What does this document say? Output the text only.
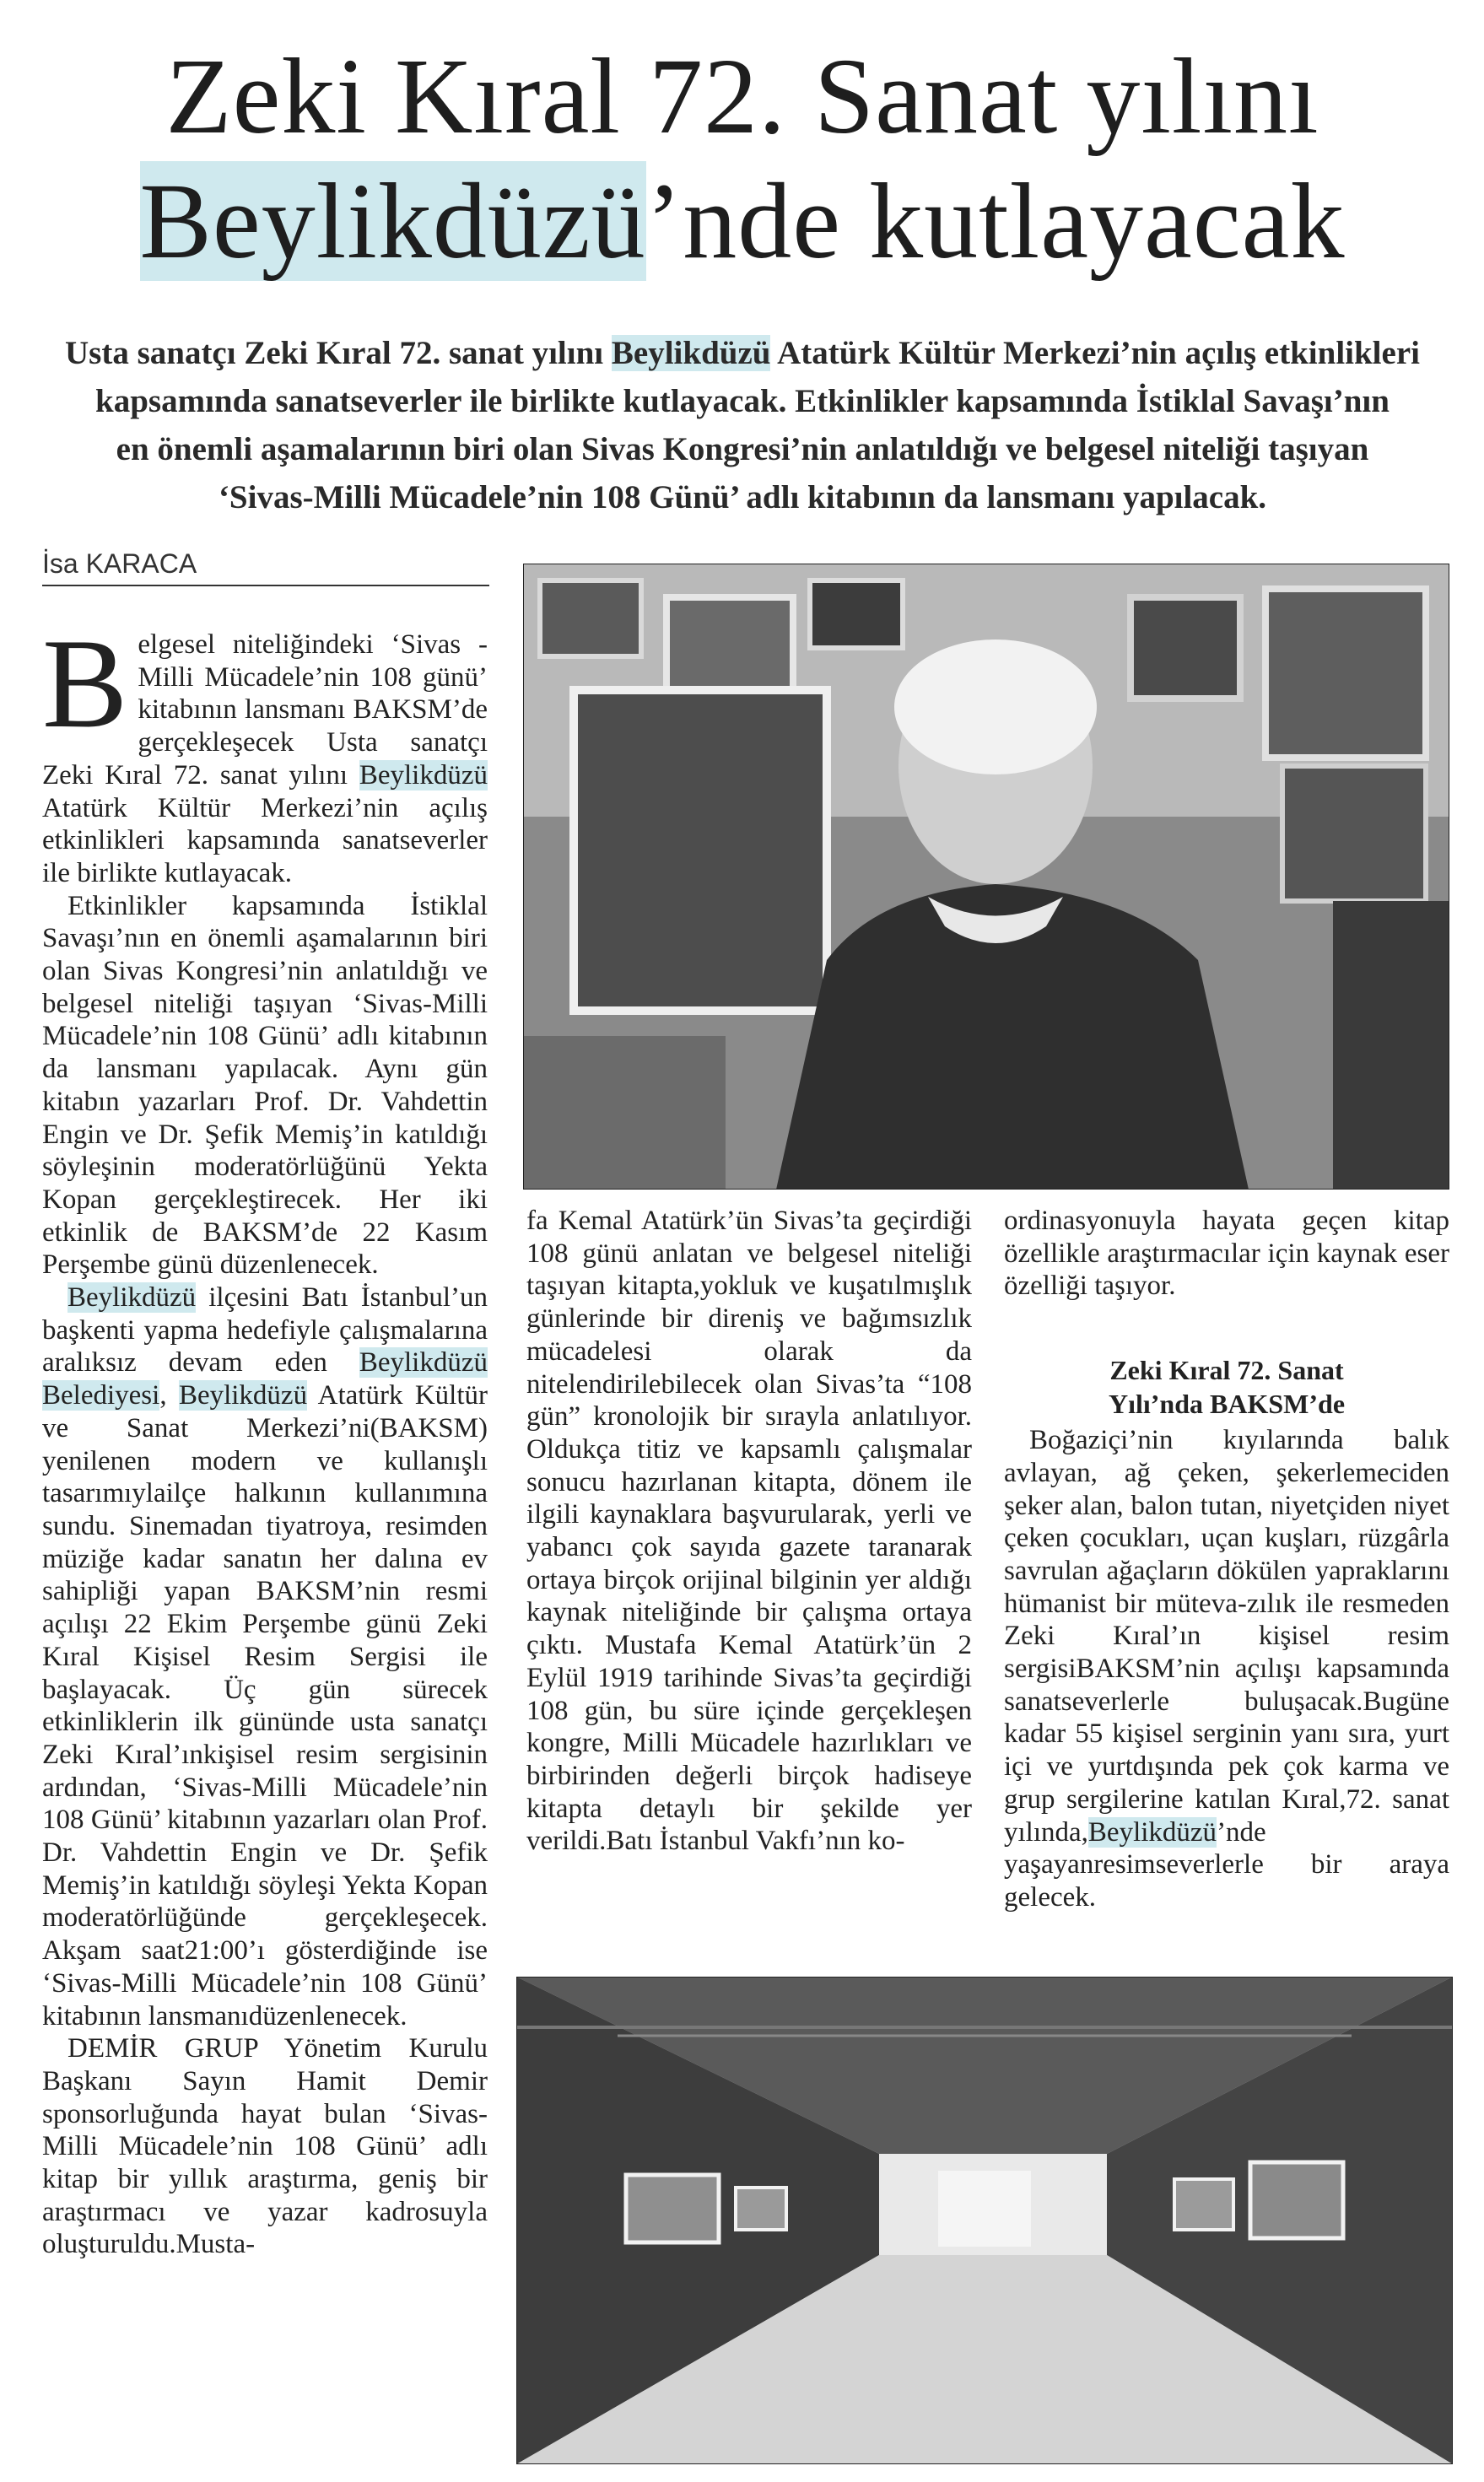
Zeki Kıral 72. Sanat yılını
Beylikdüzü’nde kutlayacak
Usta sanatçı Zeki Kıral 72. sanat yılını Beylikdüzü Atatürk Kültür Merkezi’nin açılış etkinlikleri
kapsamında sanatseverler ile birlikte kutlayacak. Etkinlikler kapsamında İstiklal Savaşı’nın
en önemli aşamalarının biri olan Sivas Kongresi’nin anlatıldığı ve belgesel niteliği taşıyan
‘Sivas-Milli Mücadele’nin 108 Günü’ adlı kitabının da lansmanı yapılacak.
İsa KARACA

Belgesel niteliğindeki ‘Sivas - Milli Mücadele’nin 108 günü’ kitabının lansmanı BAKSM’de gerçekleşecek Usta sanatçı Zeki Kıral 72. sanat yılını Beylikdüzü Atatürk Kültür Merkezi’nin açılış etkinlikleri kapsamında sanatseverler ile birlikte kutlayacak.

Etkinlikler kapsamında İstiklal Savaşı’nın en önemli aşamalarının biri olan Sivas Kongresi’nin anlatıldığı ve belgesel niteliği taşıyan ‘Sivas-Milli Mücadele’nin 108 Günü’ adlı kitabının da lansmanı yapılacak. Aynı gün kitabın yazarları Prof. Dr. Vahdettin Engin ve Dr. Şefik Memiş’in katıldığı söyleşinin moderatörlüğünü Yekta Kopan gerçekleştirecek. Her iki etkinlik de BAKSM’de 22 Kasım Perşembe günü düzenlenecek.

Beylikdüzü ilçesini Batı İstanbul’un başkenti yapma hedefiyle çalışmalarına aralıksız devam eden Beylikdüzü Belediyesi, Beylikdüzü Atatürk Kültür ve Sanat Merkezi’ni(BAKSM) yenilenen modern ve kullanışlı tasarımıylailçe halkının kullanımına sundu. Sinemadan tiyatroya, resimden müziğe kadar sanatın her dalına ev sahipliği yapan BAKSM’nin resmi açılışı 22 Ekim Perşembe günü Zeki Kıral Kişisel Resim Sergisi ile başlayacak. Üç gün sürecek etkinliklerin ilk gününde usta sanatçı Zeki Kıral’ınkişisel resim sergisinin ardından, ‘Sivas-Milli Mücadele’nin 108 Günü’ kitabının yazarları olan Prof. Dr. Vahdettin Engin ve Dr. Şefik Memiş’in katıldığı söyleşi Yekta Kopan moderatörlüğünde gerçekleşecek. Akşam saat21:00’ı gösterdiğinde ise ‘Sivas-Milli Mücadele’nin 108 Günü’ kitabının lansmanıdüzenlenecek.

DEMİR GRUP Yönetim Kurulu Başkanı Sayın Hamit Demir sponsorluğunda hayat bulan ‘Sivas-Milli Mücadele’nin 108 Günü’ adlı kitap bir yıllık araştırma, geniş bir araştırmacı ve yazar kadrosuyla oluşturuldu.Musta-

fa Kemal Atatürk’ün Sivas’ta geçirdiği 108 günü anlatan ve belgesel niteliği taşıyan kitapta,yokluk ve kuşatılmışlık günlerinde bir direniş ve bağımsızlık mücadelesi olarak da nitelendirilebilecek olan Sivas’ta “108 gün” kronolojik bir sırayla anlatılıyor. Oldukça titiz ve kapsamlı çalışmalar sonucu hazırlanan kitapta, dönem ile ilgili kaynaklara başvurularak, yerli ve yabancı çok sayıda gazete taranarak ortaya birçok orijinal bilginin yer aldığı kaynak niteliğinde bir çalışma ortaya çıktı. Mustafa Kemal Atatürk’ün 2 Eylül 1919 tarihinde Sivas’ta geçirdiği 108 gün, bu süre içinde gerçekleşen kongre, Milli Mücadele hazırlıkları ve birbirinden değerli birçok hadiseye kitapta detaylı bir şekilde yer verildi.Batı İstanbul Vakfı’nın ko-

ordinasyonuyla hayata geçen kitap özellikle araştırmacılar için kaynak eser özelliği taşıyor.

Zeki Kıral 72. Sanat
Yılı’nda BAKSM’de

Boğaziçi’nin kıyılarında balık avlayan, ağ çeken, şekerlemeciden şeker alan, balon tutan, niyetçiden niyet çeken çocukları, uçan kuşları, rüzgârla savrulan ağaçların dökülen yapraklarını hümanist bir müteva-zılık ile resmeden Zeki Kıral’ın kişisel resim sergisiBAKSM’nin açılışı kapsamında sanatseverlerle buluşacak.Bugüne kadar 55 kişisel serginin yanı sıra, yurt içi ve yurtdışında pek çok karma ve grup sergilerine katılan Kıral,72. sanat yılında,Beylikdüzü’nde yaşayanresimseverlerle bir araya gelecek.
